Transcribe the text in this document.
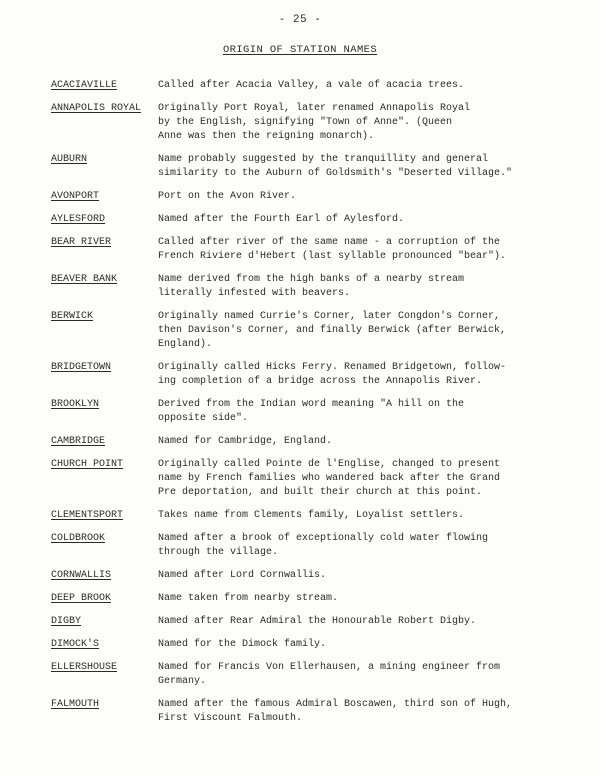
- 25 -
ORIGIN OF STATION NAMES
ACACIAVILLE	Called after Acacia Valley, a vale of acacia trees.
ANNAPOLIS ROYAL	Originally Port Royal, later renamed Annapolis Royal
by the English, signifying "Town of Anne". (Queen
Anne was then the reigning monarch).
AUBURN	Name probably suggested by the tranquillity and general
similarity to the Auburn of Goldsmith's "Deserted Village."
AVONPORT	Port on the Avon River.
AYLESFORD	Named after the Fourth Earl of Aylesford.
BEAR RIVER	Called after river of the same name - a corruption of the
French Riviere d'Hebert (last syllable pronounced "bear").
BEAVER BANK	Name derived from the high banks of a nearby stream
literally infested with beavers.
BERWICK	Originally named Currie's Corner, later Congdon's Corner,
then Davison's Corner, and finally Berwick (after Berwick,
England).
BRIDGETOWN	Originally called Hicks Ferry. Renamed Bridgetown, follow-
ing completion of a bridge across the Annapolis River.
BROOKLYN	Derived from the Indian word meaning "A hill on the
opposite side".
CAMBRIDGE	Named for Cambridge, England.
CHURCH POINT	Originally called Pointe de l'Englise, changed to present
name by French families who wandered back after the Grand
Pre deportation, and built their church at this point.
CLEMENTSPORT	Takes name from Clements family, Loyalist settlers.
COLDBROOK	Named after a brook of exceptionally cold water flowing
through the village.
CORNWALLIS	Named after Lord Cornwallis.
DEEP BROOK	Name taken from nearby stream.
DIGBY	Named after Rear Admiral the Honourable Robert Digby.
DIMOCK'S	Named for the Dimock family.
ELLERSHOUSE	Named for Francis Von Ellerhausen, a mining engineer from
Germany.
FALMOUTH	Named after the famous Admiral Boscawen, third son of Hugh,
First Viscount Falmouth.
